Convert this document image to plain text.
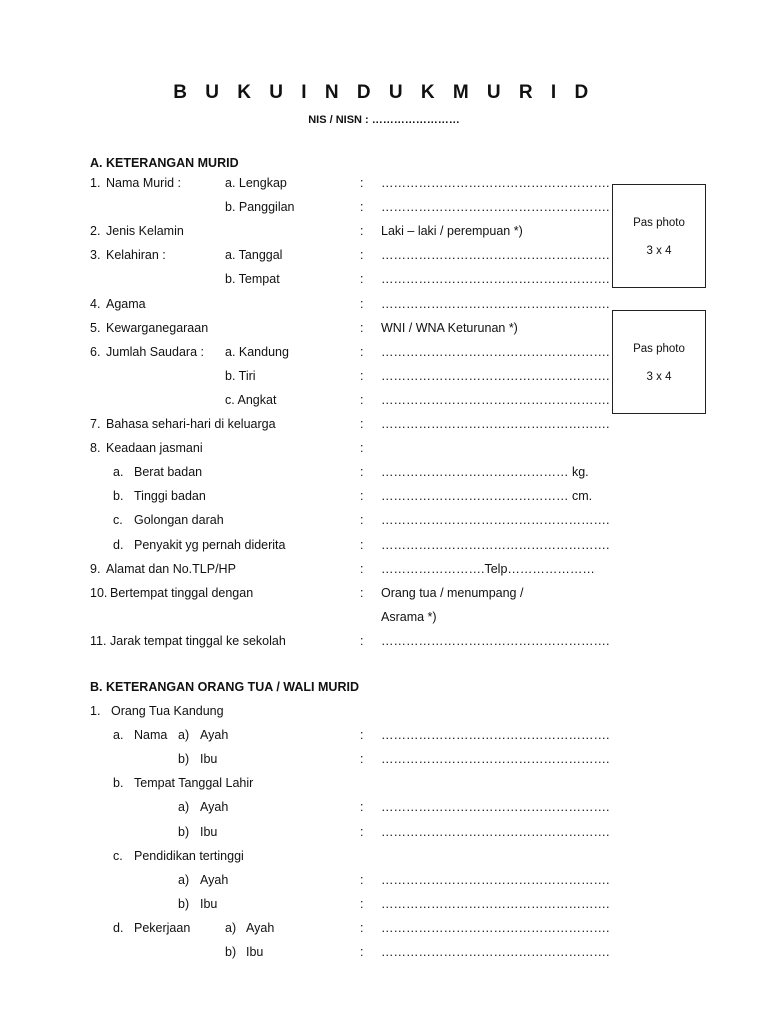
B U K U I N D U K M U R I D
NIS / NISN : ……………………
A. KETERANGAN MURID
1. Nama Murid :	a. Lengkap	: ……………………………………………….
b. Panggilan	: ……………………………………………….
2. Jenis Kelamin	: Laki – laki / perempuan *)
3. Kelahiran :	a. Tanggal	: ……………………………………………….
b. Tempat	: ……………………………………………….
4. Agama	: ……………………………………………….
5. Kewarganegaraan	: WNI / WNA Keturunan *)
6. Jumlah Saudara : a. Kandung	: ……………………………………………….
b. Tiri	: ……………………………………………….
c. Angkat	: ……………………………………………….
7. Bahasa sehari-hari di keluarga	: ……………………………………………….
8. Keadaan jasmani	:
a. Berat badan	: ……………………………………… kg.
b. Tinggi badan	: ……………………………………… cm.
c. Golongan darah	: ……………………………………………….
d. Penyakit yg pernah diderita	: ……………………………………………….
9. Alamat dan No.TLP/HP	: …………………….Telp…………………
10. Bertempat tinggal dengan	: Orang tua / menumpang /
Asrama *)
11. Jarak tempat tinggal ke sekolah	: ……………………………………………….
Pas photo
3 x 4
Pas photo
3 x 4
B. KETERANGAN ORANG TUA / WALI MURID
1. Orang Tua Kandung
a. Nama a) Ayah	: ……………………………………………….
b) Ibu	: ……………………………………………….
b. Tempat Tanggal Lahir
a) Ayah	: ……………………………………………….
b) Ibu	: ……………………………………………….
c. Pendidikan tertinggi
a) Ayah	: ……………………………………………….
b) Ibu	: ……………………………………………….
d. Pekerjaan	a) Ayah	: ……………………………………………….
b) Ibu	: ……………………………………………….
